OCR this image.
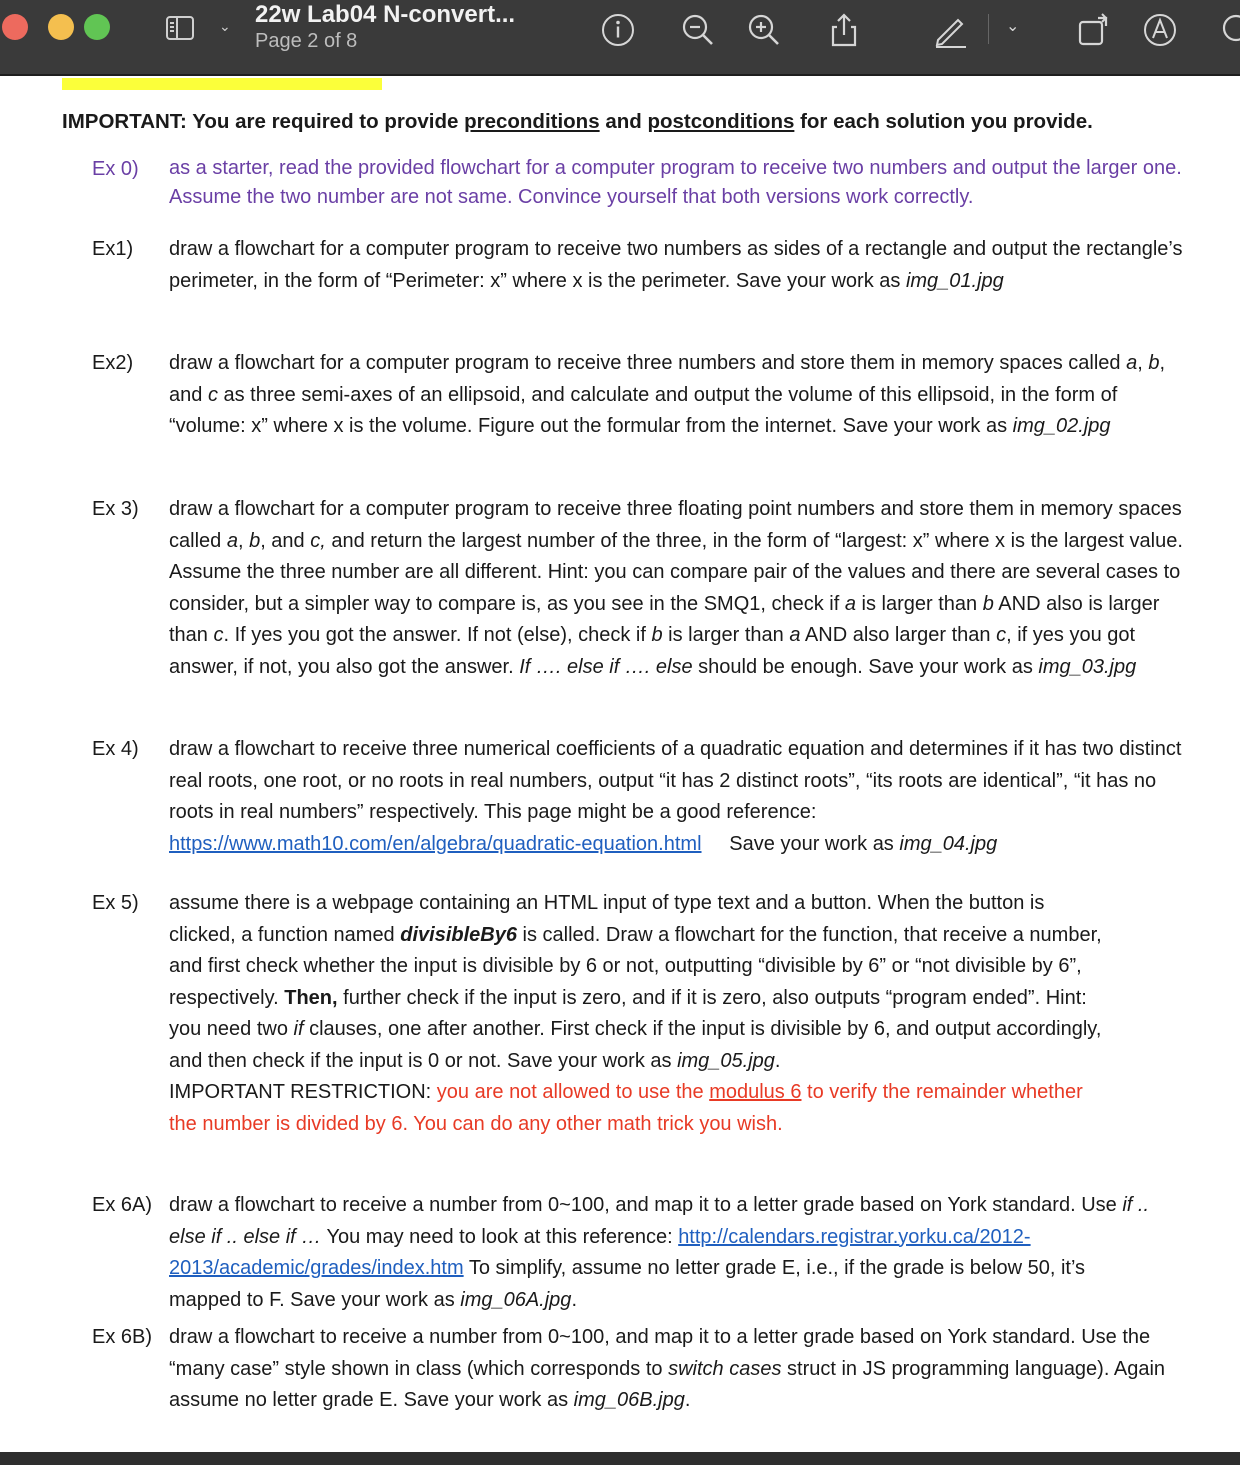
⌄ 22w Lab04 N-convert...
Page 2 of 8
⌄
IMPORTANT: You are required to provide preconditions and postconditions for each solution you provide.
Ex 0) as a starter, read the provided flowchart for a computer program to receive two numbers and output the larger one. Assume the two number are not same. Convince yourself that both versions work correctly.
Ex1) draw a flowchart for a computer program to receive two numbers as sides of a rectangle and output the rectangle’s perimeter, in the form of “Perimeter: x” where x is the perimeter. Save your work as img_01.jpg
Ex2) draw a flowchart for a computer program to receive three numbers and store them in memory spaces called a, b, and c as three semi-axes of an ellipsoid, and calculate and output the volume of this ellipsoid, in the form of “volume: x” where x is the volume. Figure out the formular from the internet. Save your work as img_02.jpg
Ex 3) draw a flowchart for a computer program to receive three floating point numbers and store them in memory spaces called a, b, and c, and return the largest number of the three, in the form of “largest: x” where x is the largest value. Assume the three number are all different. Hint: you can compare pair of the values and there are several cases to consider, but a simpler way to compare is, as you see in the SMQ1, check if a is larger than b AND also is larger than c. If yes you got the answer. If not (else), check if b is larger than a AND also larger than c, if yes you got answer, if not, you also got the answer. If …. else if …. else should be enough. Save your work as img_03.jpg
Ex 4) draw a flowchart to receive three numerical coefficients of a quadratic equation and determines if it has two distinct real roots, one root, or no roots in real numbers, output “it has 2 distinct roots”, “its roots are identical”, “it has no roots in real numbers” respectively. This page might be a good reference: https://www.math10.com/en/algebra/quadratic-equation.html     Save your work as img_04.jpg
Ex 5) assume there is a webpage containing an HTML input of type text and a button. When the button is clicked, a function named divisibleBy6 is called. Draw a flowchart for the function, that receive a number, and first check whether the input is divisible by 6 or not, outputting “divisible by 6” or “not divisible by 6”, respectively. Then, further check if the input is zero, and if it is zero, also outputs “program ended”. Hint: you need two if clauses, one after another. First check if the input is divisible by 6, and output accordingly, and then check if the input is 0 or not. Save your work as img_05.jpg.
IMPORTANT RESTRICTION: you are not allowed to use the modulus 6 to verify the remainder whether the number is divided by 6. You can do any other math trick you wish.
Ex 6A) draw a flowchart to receive a number from 0~100, and map it to a letter grade based on York standard. Use if .. else if .. else if … You may need to look at this reference: http://calendars.registrar.yorku.ca/2012-2013/academic/grades/index.htm To simplify, assume no letter grade E, i.e., if the grade is below 50, it’s mapped to F. Save your work as img_06A.jpg.
Ex 6B) draw a flowchart to receive a number from 0~100, and map it to a letter grade based on York standard. Use the “many case” style shown in class (which corresponds to switch cases struct in JS programming language). Again assume no letter grade E. Save your work as img_06B.jpg.
